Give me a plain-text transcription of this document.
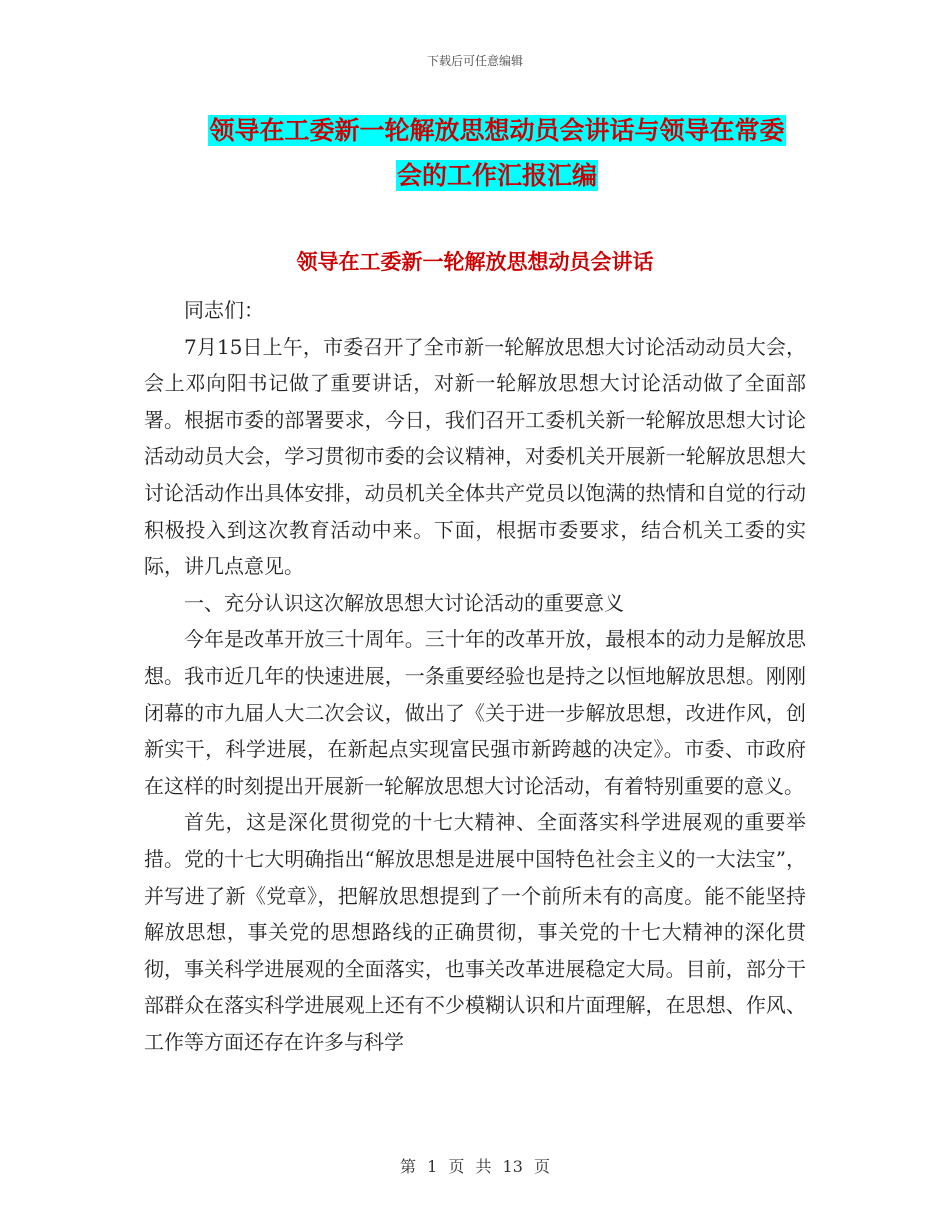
下载后可任意编辑
领导在工委新一轮解放思想动员会讲话与领导在常委
会的工作汇报汇编
领导在工委新一轮解放思想动员会讲话

同志们：

7月15日上午，市委召开了全市新一轮解放思想大讨论活动动员大会，会上邓向阳书记做了重要讲话，对新一轮解放思想大讨论活动做了全面部署。根据市委的部署要求，今日，我们召开工委机关新一轮解放思想大讨论活动动员大会，学习贯彻市委的会议精神，对委机关开展新一轮解放思想大讨论活动作出具体安排，动员机关全体共产党员以饱满的热情和自觉的行动积极投入到这次教育活动中来。下面，根据市委要求，结合机关工委的实际，讲几点意见。

一、充分认识这次解放思想大讨论活动的重要意义

今年是改革开放三十周年。三十年的改革开放，最根本的动力是解放思想。我市近几年的快速进展，一条重要经验也是持之以恒地解放思想。刚刚闭幕的市九届人大二次会议，做出了《关于进一步解放思想，改进作风，创新实干，科学进展，在新起点实现富民强市新跨越的决定》。市委、市政府在这样的时刻提出开展新一轮解放思想大讨论活动，有着特别重要的意义。

首先，这是深化贯彻党的十七大精神、全面落实科学进展观的重要举措。党的十七大明确指出“解放思想是进展中国特色社会主义的一大法宝”，并写进了新《党章》，把解放思想提到了一个前所未有的高度。能不能坚持解放思想，事关党的思想路线的正确贯彻，事关党的十七大精神的深化贯彻，事关科学进展观的全面落实，也事关改革进展稳定大局。目前，部分干部群众在落实科学进展观上还有不少模糊认识和片面理解，在思想、作风、工作等方面还存在许多与科学

第 1 页 共 13 页
